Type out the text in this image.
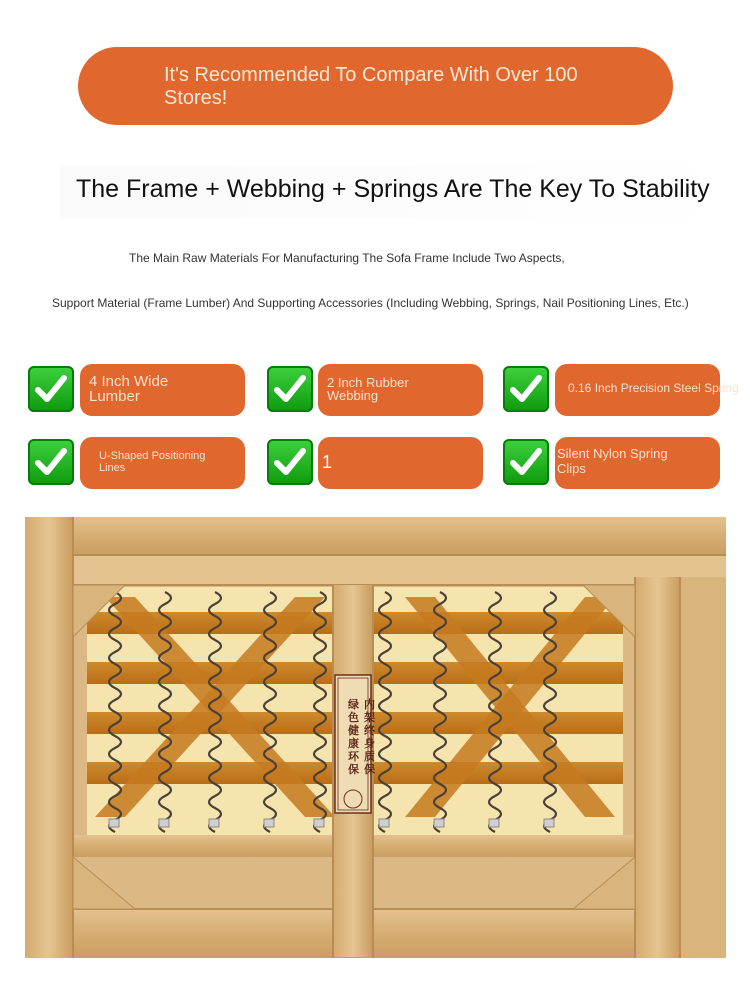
It's Recommended To Compare With Over 100 Stores!
The Frame + Webbing + Springs Are The Key To Stability
The Main Raw Materials For Manufacturing The Sofa Frame Include Two Aspects,
Support Material (Frame Lumber) And Supporting Accessories (Including Webbing, Springs, Nail Positioning Lines, Etc.)
4 Inch Wide Lumber
2 Inch Rubber Webbing	0.16 Inch Precision Steel Spring
U-Shaped Positioning Lines	1	Silent Nylon Spring Clips
内架终身质保
绿色健康环保
